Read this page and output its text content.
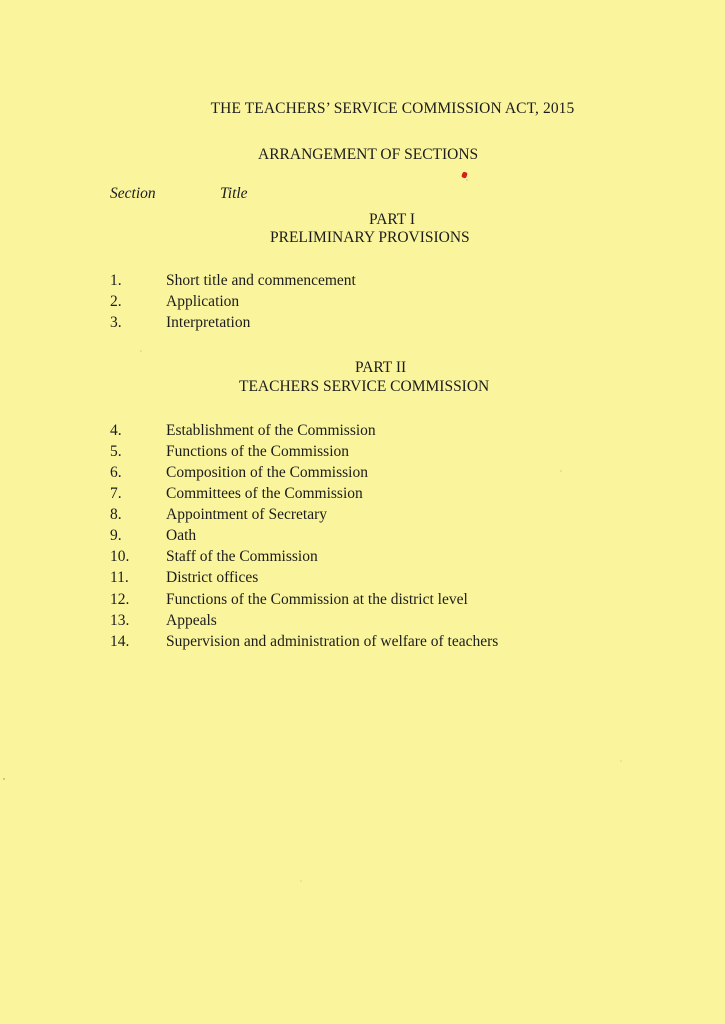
THE TEACHERS’ SERVICE COMMISSION ACT, 2015
ARRANGEMENT OF SECTIONS
Section	Title
PART I
PRELIMINARY PROVISIONS
1.	Short title and commencement
2.	Application
3.	Interpretation
PART II
TEACHERS SERVICE COMMISSION
4.	Establishment of the Commission
5.	Functions of the Commission
6.	Composition of the Commission
7.	Committees of the Commission
8.	Appointment of Secretary
9.	Oath
10.	Staff of the Commission
11.	District offices
12.	Functions of the Commission at the district level
13.	Appeals
14.	Supervision and administration of welfare of teachers
